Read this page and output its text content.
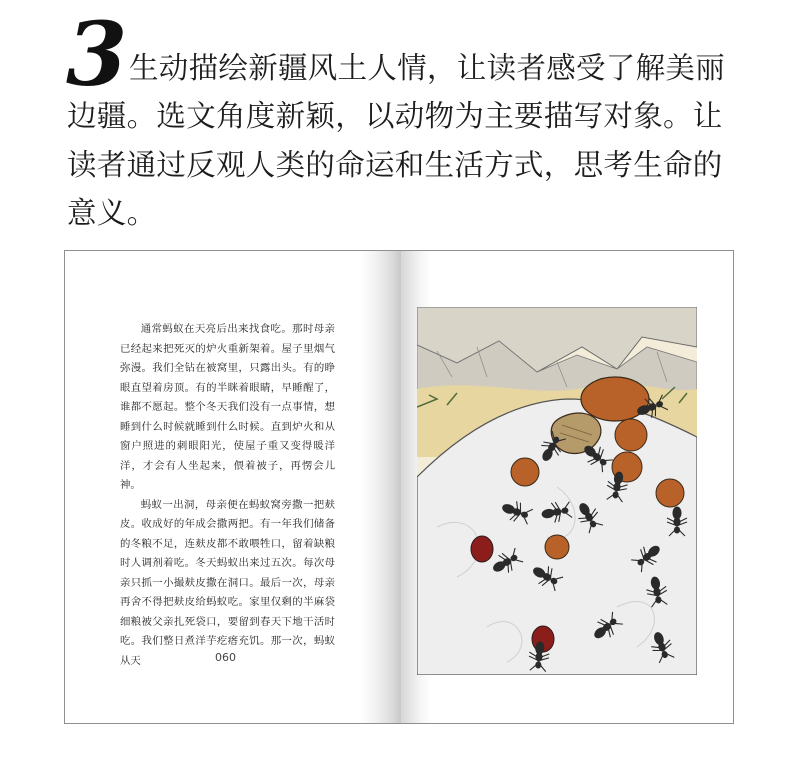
3 生动描绘新疆风土人情，让读者感受了解美丽
边疆。选文角度新颖，以动物为主要描写对象。让
读者通过反观人类的命运和生活方式，思考生命的
意义。

通常蚂蚁在天亮后出来找食吃。那时母亲已经起来把死灭的炉火重新架着。屋子里烟气弥漫。我们全钻在被窝里，只露出头。有的睁眼直望着房顶。有的半眯着眼睛，早睡醒了，谁都不愿起。整个冬天我们没有一点事情，想睡到什么时候就睡到什么时候。直到炉火和从窗户照进的刺眼阳光，使屋子重又变得暖洋洋，才会有人坐起来，偎着被子，再愣会儿神。

蚂蚁一出洞，母亲便在蚂蚁窝旁撒一把麸皮。收成好的年成会撒两把。有一年我们储备的冬粮不足，连麸皮都不敢喂牲口，留着缺粮时人调剂着吃。冬天蚂蚁出来过五次。每次母亲只抓一小撮麸皮撒在洞口。最后一次，母亲再舍不得把麸皮给蚂蚁吃。家里仅剩的半麻袋细粮被父亲扎死袋口，要留到春天下地干活时吃。我们整日煮洋芋疙瘩充饥。那一次，蚂蚁从天	060
